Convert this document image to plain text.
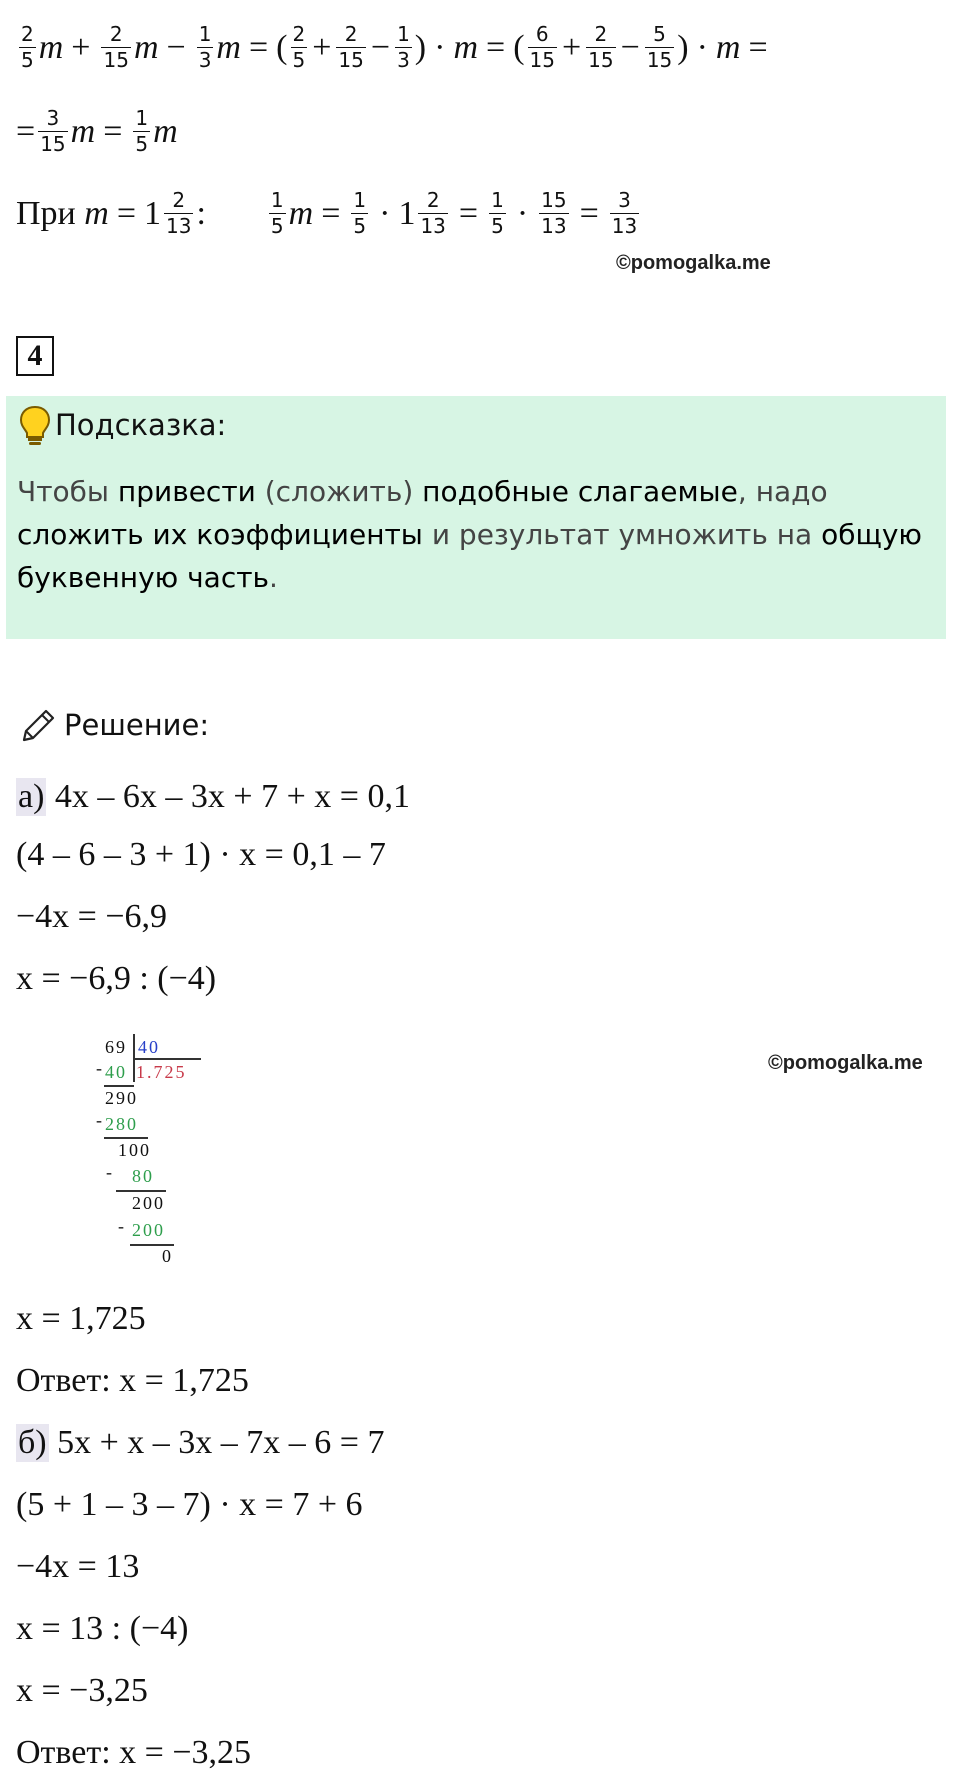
$\frac{2}{5}$ $m + \frac{2}{15}$ $m - \frac{1}{3}$ m = ( $\frac{2}{5} + \frac{2}{15} - \frac{1}{3}$ ) · m = ( $\frac{6}{15} + \frac{2}{15} - \frac{5}{15}$ ) · m =
= $\frac{3}{15}$ $m = \frac{1}{5}$ m
При
$m = 1 \frac{2}{13}$ :	$\frac{1}{5}$ $m = \frac{1}{5} \cdot 1 \frac{2}{13} = \frac{1}{5} \cdot \frac{15}{13} = \frac{3}{13}$
©pomogalka.me
4
Подсказка:
Чтобы привести (сложить) подобные слагаемые, надо сложить их коэффициенты и результат умножить на общую буквенную часть.
Решение:
а)
4x – 6x – 3x + 7 + x = 0,1
(4 – 6 – 3 + 1) · x = 0,1 – 7
−4x = −6,9
x = −6,9 : (−4)
69 40
1.725
- 40
290
- 280
100
- 80
200
- 200
0
©pomogalka.me
x = 1,725
Ответ: x = 1,725
б)
5x + x – 3x – 7x – 6 = 7
(5 + 1 – 3 – 7) · x = 7 + 6
−4x = 13
x = 13 : (−4)
x = −3,25
Ответ: x = −3,25
